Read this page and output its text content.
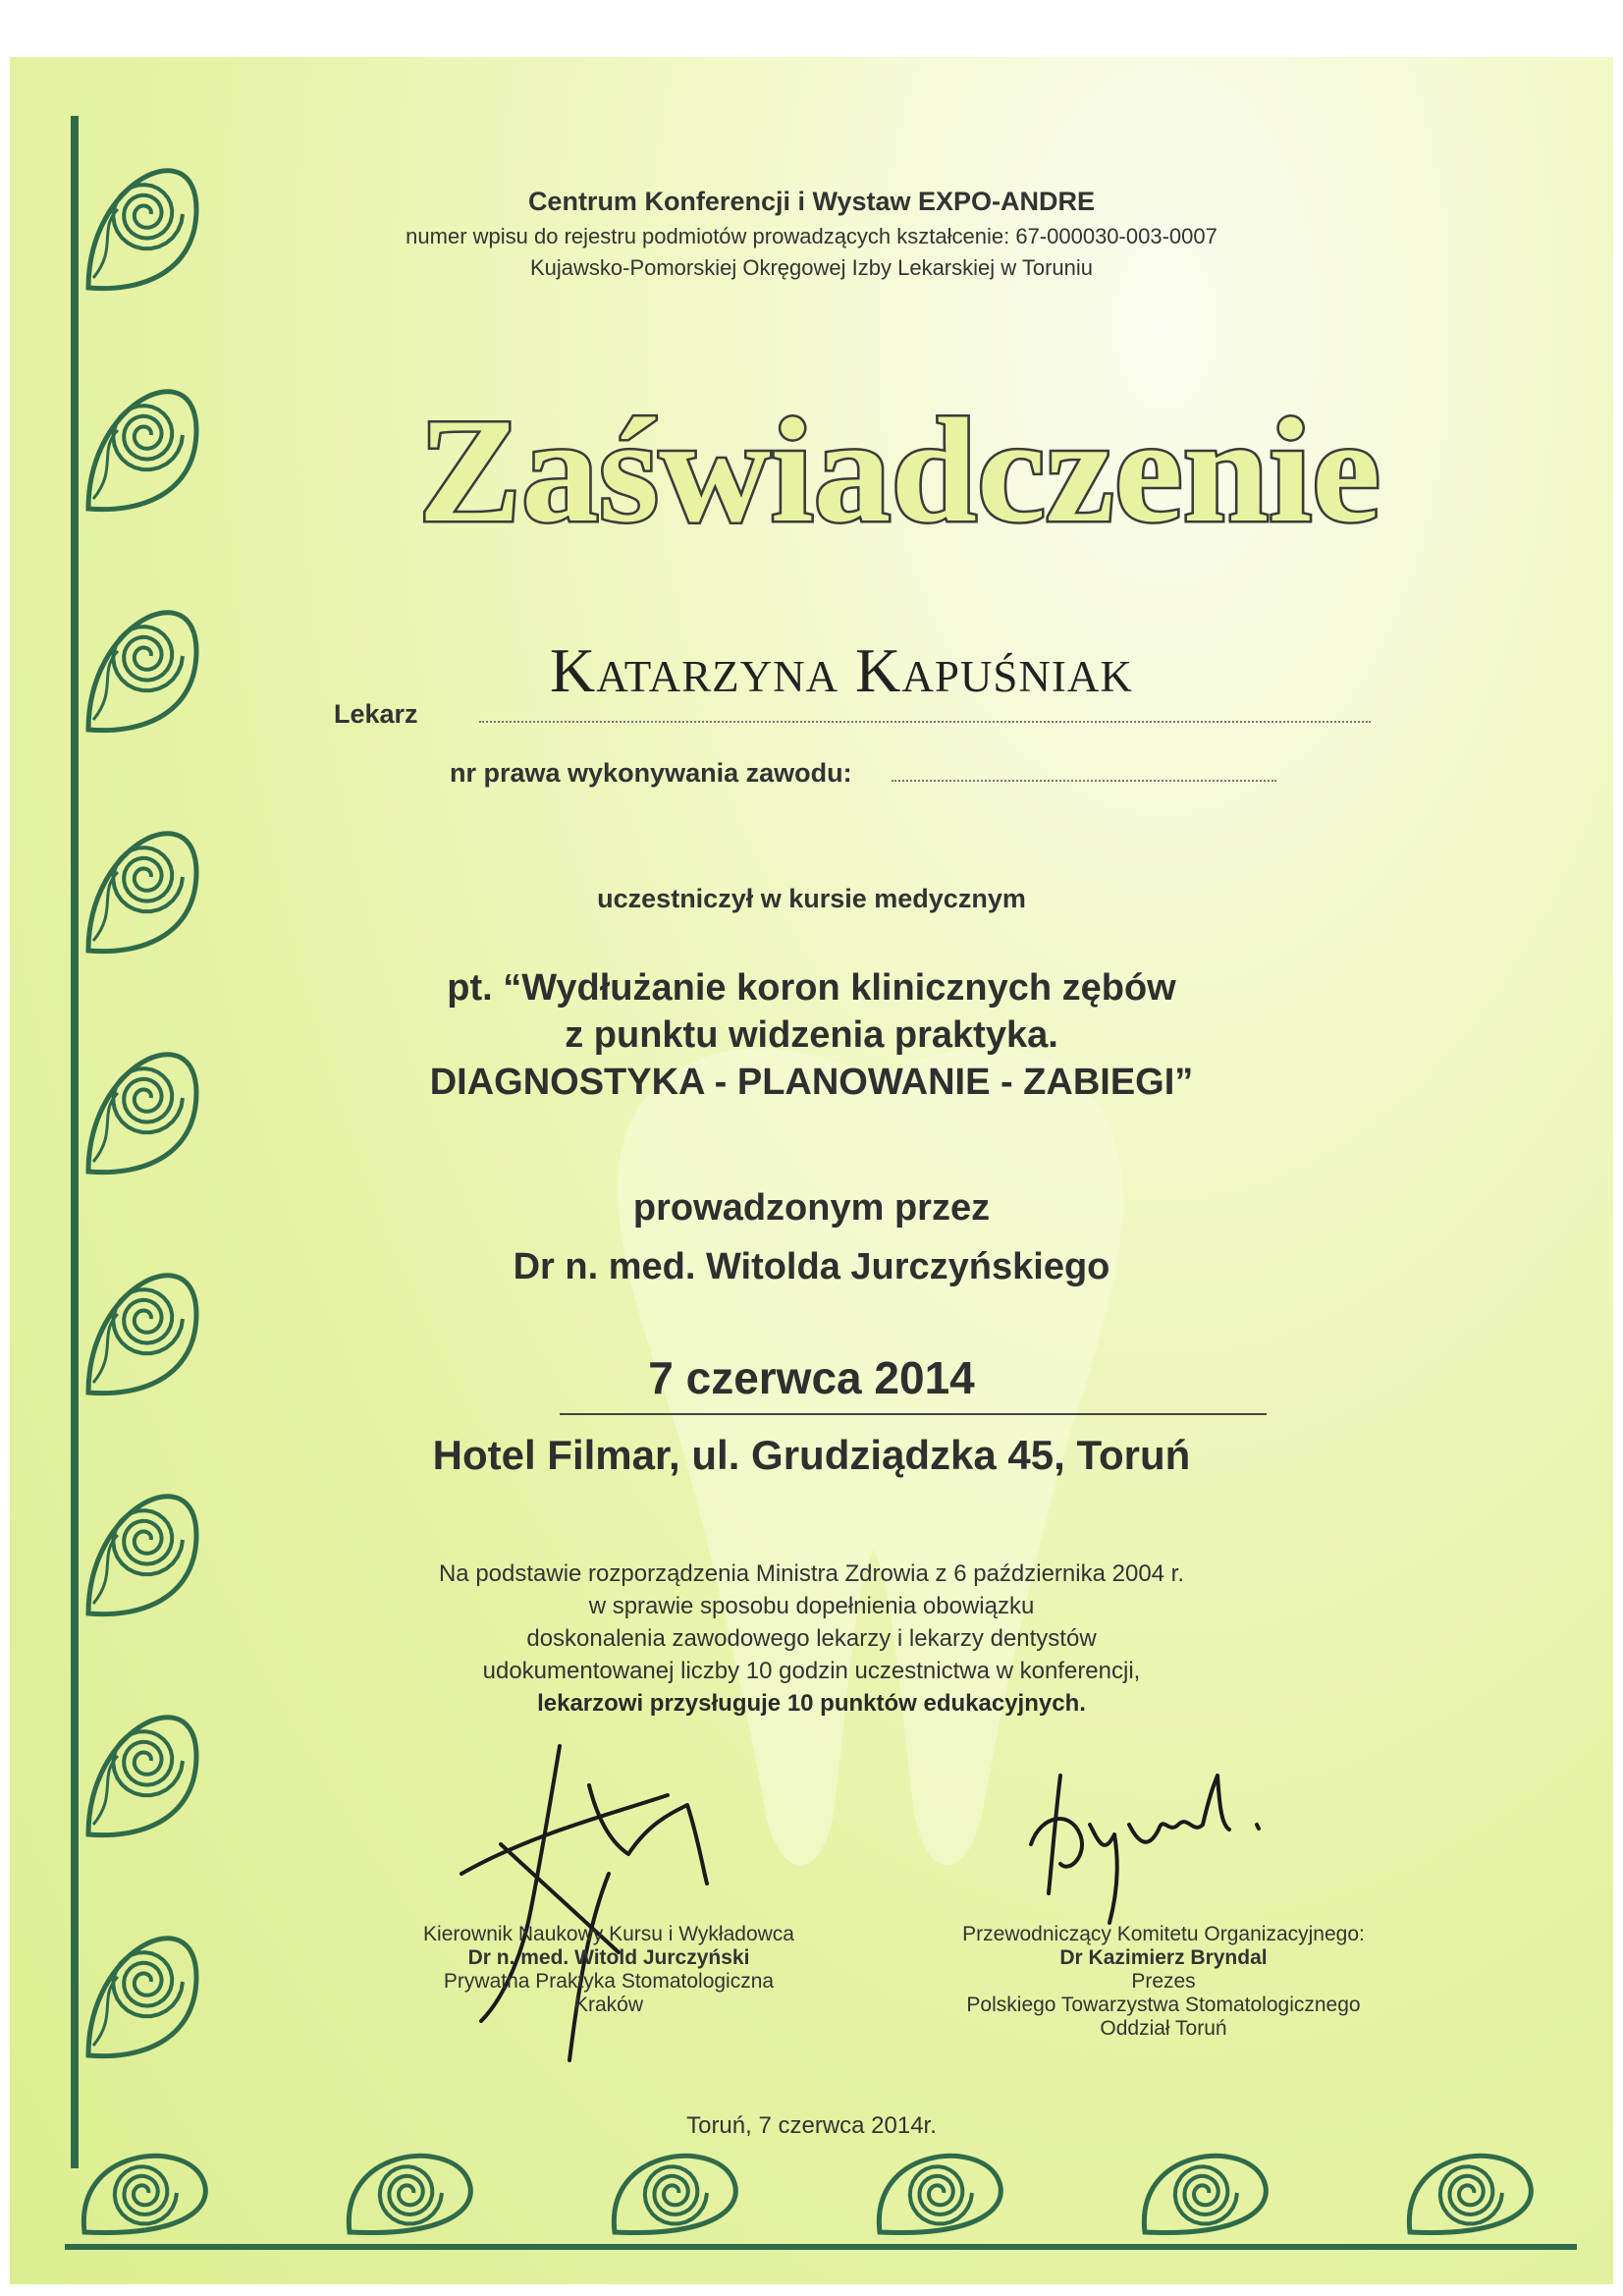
Centrum Konferencji i Wystaw EXPO-ANDRE
numer wpisu do rejestru podmiotów prowadzących kształcenie: 67-000030-003-0007
Kujawsko-Pomorskiej Okręgowej Izby Lekarskiej w Toruniu
Zaświadczenie
Lekarz
Katarzyna Kapuśniak
nr prawa wykonywania zawodu:
uczestniczył w kursie medycznym
pt. “Wydłużanie koron klinicznych zębów
z punktu widzenia praktyka.
DIAGNOSTYKA - PLANOWANIE - ZABIEGI”
prowadzonym przez
Dr n. med. Witolda Jurczyńskiego
7 czerwca 2014
Hotel Filmar, ul. Grudziądzka 45, Toruń
Na podstawie rozporządzenia Ministra Zdrowia z 6 października 2004 r.
w sprawie sposobu dopełnienia obowiązku
doskonalenia zawodowego lekarzy i lekarzy dentystów
udokumentowanej liczby 10 godzin uczestnictwa w konferencji,
lekarzowi przysługuje 10 punktów edukacyjnych.
Kierownik Naukowy Kursu i Wykładowca
Dr n. med. Witold Jurczyński
Prywatna Praktyka Stomatologiczna
Kraków
Przewodniczący Komitetu Organizacyjnego:
Dr Kazimierz Bryndal
Prezes
Polskiego Towarzystwa Stomatologicznego
Oddział Toruń
Toruń, 7 czerwca 2014r.
